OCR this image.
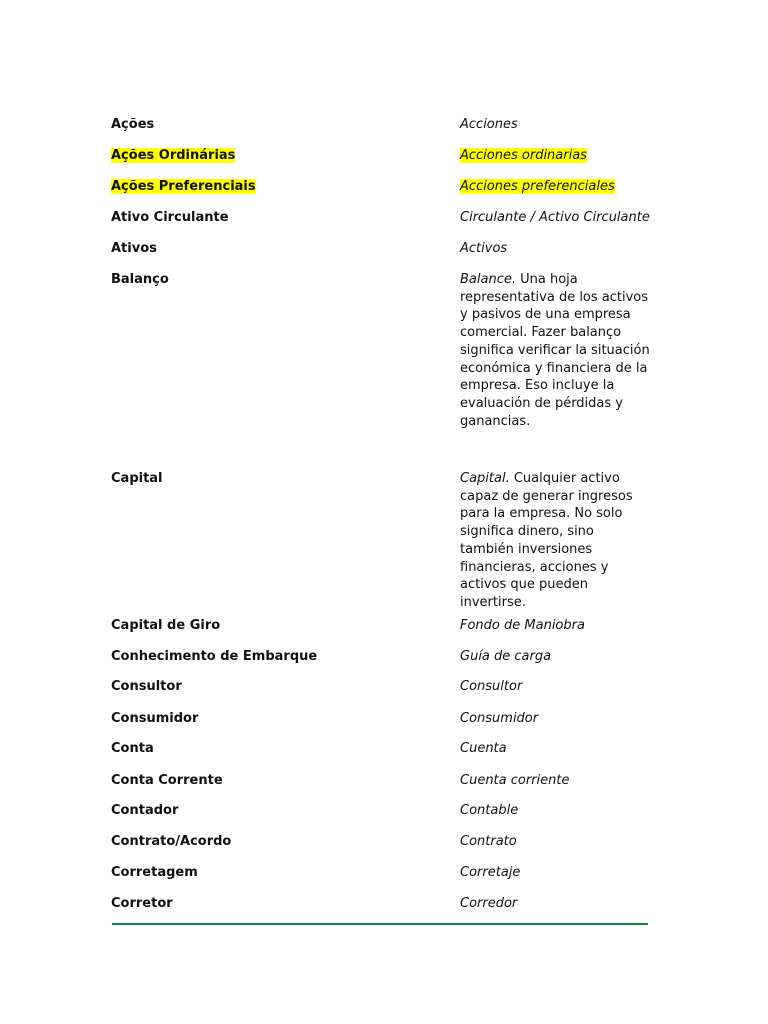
Ações	Acciones
Ações Ordinárias	Acciones ordinarias
Ações Preferenciais	Acciones preferenciales
Ativo Circulante	Circulante / Activo Circulante
Ativos	Activos
Balanço	Balance. Una hoja representativa de los activos y pasivos de una empresa comercial. Fazer balanço significa verificar la situación económica y financiera de la empresa. Eso incluye la evaluación de pérdidas y ganancias.
Capital	Capital. Cualquier activo capaz de generar ingresos para la empresa. No solo significa dinero, sino también inversiones financieras, acciones y activos que pueden invertirse.
Capital de Giro	Fondo de Maniobra
Conhecimento de Embarque	Guía de carga
Consultor	Consultor
Consumidor	Consumidor
Conta	Cuenta
Conta Corrente	Cuenta corriente
Contador	Contable
Contrato/Acordo	Contrato
Corretagem	Corretaje
Corretor	Corredor
